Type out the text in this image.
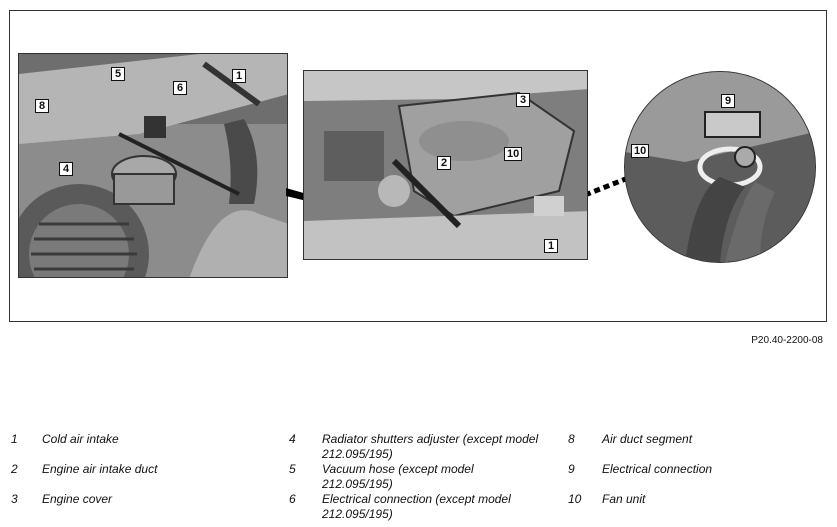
1
5
6
8
4
3
2
10
1
9
10
P20.40-2200-08
1 Cold air intake
2 Engine air intake duct
3 Engine cover
4 Radiator shutters adjuster (except model 212.095/195)
5 Vacuum hose (except model 212.095/195)
6 Electrical connection (except model 212.095/195)
8 Air duct segment
9 Electrical connection
10 Fan unit
